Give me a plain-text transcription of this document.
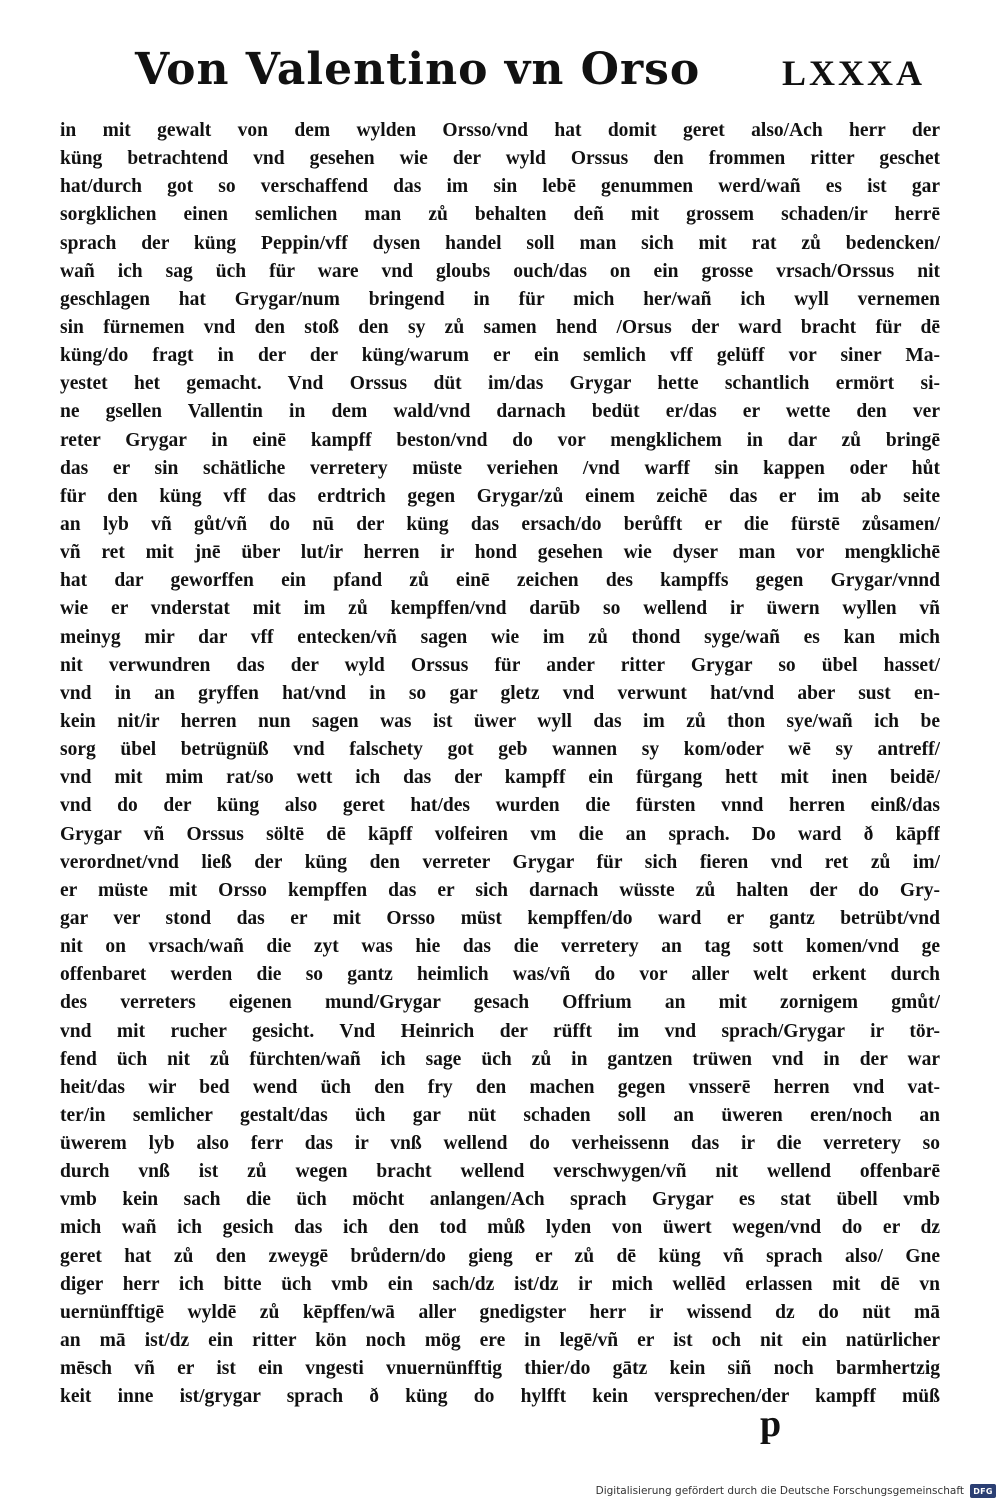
Von Valentino vn Orso LXXXA
in mit gewalt von dem wylden Orsso/vnd hat domit geret also/Ach herr der
küng betrachtend vnd gesehen wie der wyld Orssus den frommen ritter geschet
hat/durch got so verschaffend das im sin lebē genummen werd/wañ es ist gar
sorgklichen einen semlichen man zů behalten deñ mit grossem schaden/ir herrē
sprach der küng Peppin/vff dysen handel soll man sich mit rat zů bedencken/
wañ ich sag üch für ware vnd gloubs ouch/das on ein grosse vrsach/Orssus nit
geschlagen hat Grygar/num bringend in für mich her/wañ ich wyll vernemen
sin fürnemen vnd den stoß den sy zů samen hend /Orsus der ward bracht für dē
küng/do fragt in der der küng/warum er ein semlich vff gelüff vor siner Ma-
yestet het gemacht. Vnd Orssus düt im/das Grygar hette schantlich ermört si-
ne gsellen Vallentin in dem wald/vnd darnach bedüt er/das er wette den ver
reter Grygar in einē kampff beston/vnd do vor mengklichem in dar zů bringē
das er sin schätliche verretery müste veriehen /vnd warff sin kappen oder hůt
für den küng vff das erdtrich gegen Grygar/zů einem zeichē das er im ab seite
an lyb vñ gůt/vñ do nū der küng das ersach/do berůfft er die fürstē zůsamen/
vñ ret mit jnē über lut/ir herren ir hond gesehen wie dyser man vor mengklichē
hat dar geworffen ein pfand zů einē zeichen des kampffs gegen Grygar/vnnd
wie er vnderstat mit im zů kempffen/vnd darūb so wellend ir üwern wyllen vñ
meinyg mir dar vff entecken/vñ sagen wie im zů thond syge/wañ es kan mich
nit verwundren das der wyld Orssus für ander ritter Grygar so übel hasset/
vnd in an gryffen hat/vnd in so gar gletz vnd verwunt hat/vnd aber sust en-
kein nit/ir herren nun sagen was ist üwer wyll das im zů thon sye/wañ ich be
sorg übel betrügnüß vnd falschety got geb wannen sy kom/oder wē sy antreff/
vnd mit mim rat/so wett ich das der kampff ein fürgang hett mit inen beidē/
vnd do der küng also geret hat/des wurden die fürsten vnnd herren einß/das
Grygar vñ Orssus söltē dē kāpff volfeiren vm die an sprach. Do ward ð kāpff
verordnet/vnd ließ der küng den verreter Grygar für sich fieren vnd ret zů im/
er müste mit Orsso kempffen das er sich darnach wüsste zů halten der do Gry-
gar ver stond das er mit Orsso müst kempffen/do ward er gantz betrübt/vnd
nit on vrsach/wañ die zyt was hie das die verretery an tag sott komen/vnd ge
offenbaret werden die so gantz heimlich was/vñ do vor aller welt erkent durch
des verreters eigenen mund/Grygar gesach Offrium an mit zornigem gmůt/
vnd mit rucher gesicht. Vnd Heinrich der rüfft im vnd sprach/Grygar ir tör-
fend üch nit zů fürchten/wañ ich sage üch zů in gantzen trüwen vnd in der war
heit/das wir bed wend üch den fry den machen gegen vnsserē herren vnd vat-
ter/in semlicher gestalt/das üch gar nüt schaden soll an üweren eren/noch an
üwerem lyb also ferr das ir vnß wellend do verheissenn das ir die verretery so
durch vnß ist zů wegen bracht wellend verschwygen/vñ nit wellend offenbarē
vmb kein sach die üch möcht anlangen/Ach sprach Grygar es stat übell vmb
mich wañ ich gesich das ich den tod můß lyden von üwert wegen/vnd do er dz
geret hat zů den zweygē brůdern/do gieng er zů dē küng vñ sprach also/ Gne
diger herr ich bitte üch vmb ein sach/dz ist/dz ir mich wellēd erlassen mit dē vn
uernünfftigē wyldē zů kēpffen/wā aller gnedigster herr ir wissend dz do nüt mā
an mā ist/dz ein ritter kön noch mög ere in legē/vñ er ist och nit ein natürlicher
mēsch vñ er ist ein vngesti vnuernünfftig thier/do gātz kein siñ noch barmhertzig
keit inne ist/grygar sprach ð küng do hylfft kein versprechen/der kampff müß
p
Digitalisierung gefördert durch die Deutsche Forschungsgemeinschaft DFG
